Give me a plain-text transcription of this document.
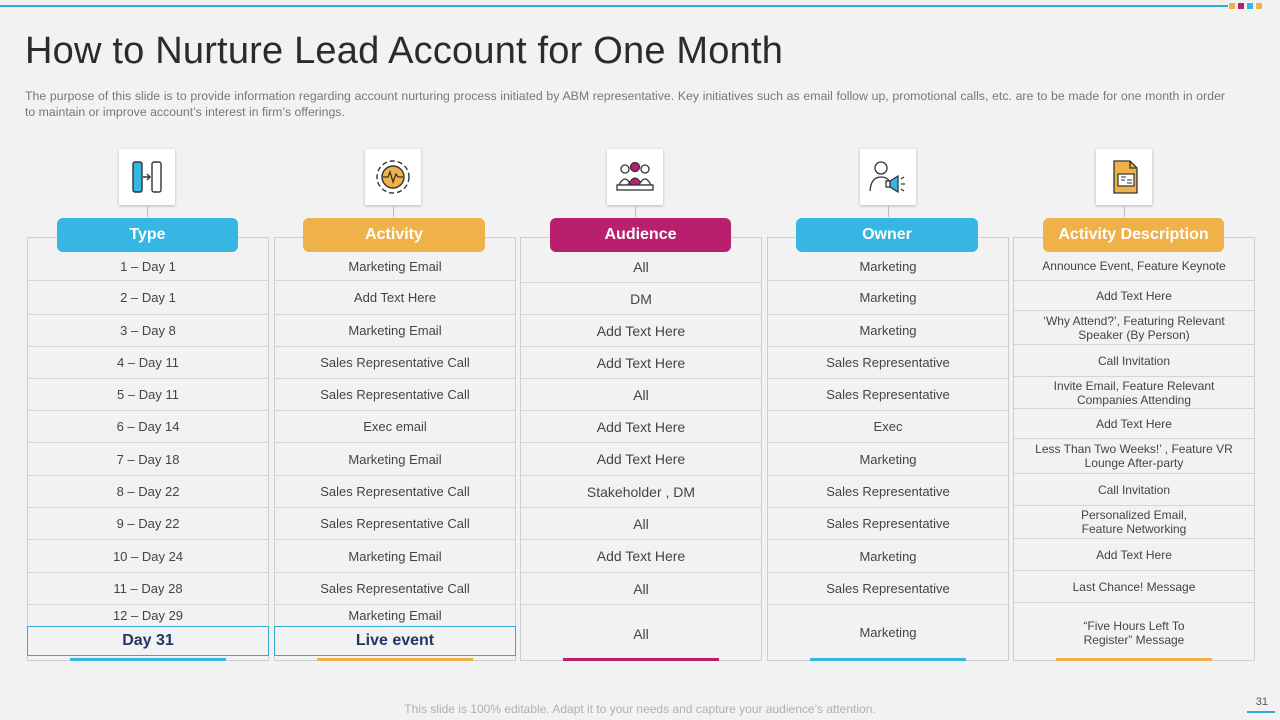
How to Nurture Lead Account for One Month
The purpose of this slide is to provide information regarding account nurturing process initiated by ABM representative. Key initiatives such as email follow up, promotional calls, etc. are to be made for one month in order to maintain or improve account’s interest in firm’s offerings.
1 – Day 1
2 – Day 1
3 – Day 8
4 – Day 11
5 – Day 11
6 – Day 14
7 – Day 18
8 – Day 22
9 – Day 22
10 – Day 24
11 – Day 28
12 – Day 29
Day 31
Type
Marketing Email
Add Text Here
Marketing Email
Sales Representative Call
Sales Representative Call
Exec email
Marketing Email
Sales Representative Call
Sales Representative Call
Marketing Email
Sales Representative Call
Marketing Email
Live event
Activity
All
DM
Add Text Here
Add Text Here
All
Add Text Here
Add Text Here
Stakeholder , DM
All
Add Text Here
All
All
Audience
Marketing
Marketing
Marketing
Sales Representative
Sales Representative
Exec
Marketing
Sales Representative
Sales Representative
Marketing
Sales Representative
Marketing
Owner
Announce Event, Feature Keynote
Add Text Here
‘Why Attend?’, Featuring Relevant Speaker (By Person)
Call Invitation
Invite Email, Feature Relevant Companies Attending
Add Text Here
Less Than Two Weeks!’ , Feature VR Lounge After-party
Call Invitation
Personalized Email, Feature Networking
Add Text Here
Last Chance! Message
“Five Hours Left To Register” Message
Activity Description
This slide is 100% editable. Adapt it to your needs and capture your audience’s attention.	31
